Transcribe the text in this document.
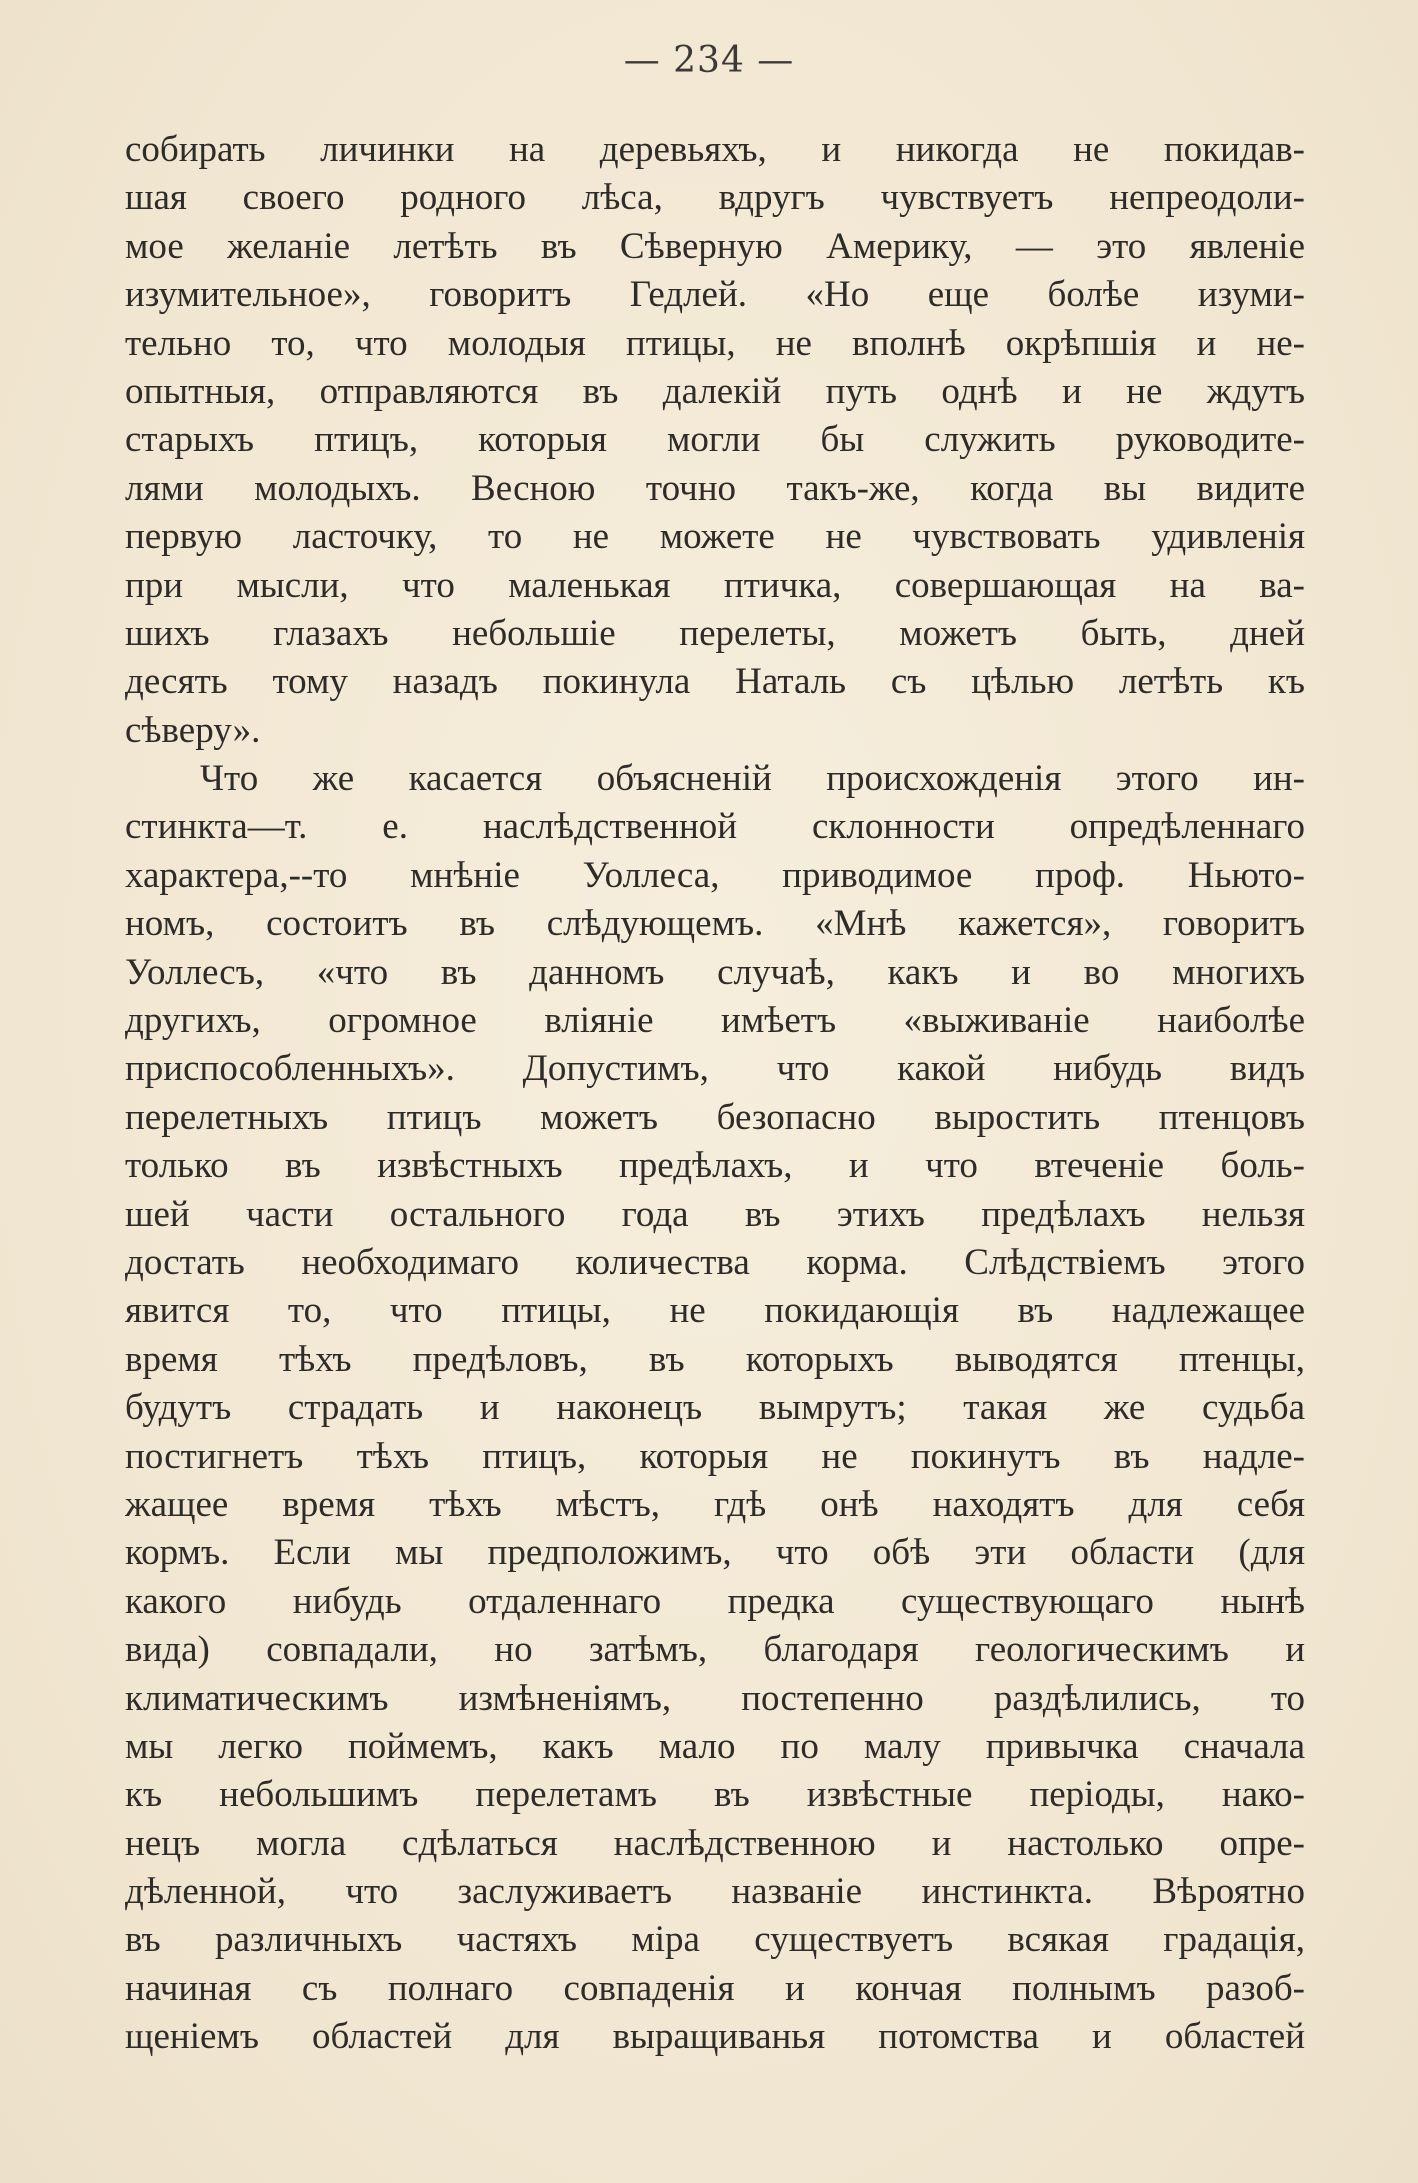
— 234 —
собирать личинки на деревьяхъ, и никогда не покидав-
шая своего родного лѣса, вдругъ чувствуетъ непреодоли-
мое желаніе летѣть въ Сѣверную Америку, — это явленіе
изумительное», говоритъ Гедлей. «Но еще болѣе изуми-
тельно то, что молодыя птицы, не вполнѣ окрѣпшія и не-
опытныя, отправляются въ далекій путь однѣ и не ждутъ
старыхъ птицъ, которыя могли бы служить руководите-
лями молодыхъ. Весною точно такъ-же, когда вы видите
первую ласточку, то не можете не чувствовать удивленія
при мысли, что маленькая птичка, совершающая на ва-
шихъ глазахъ небольшіе перелеты, можетъ быть, дней
десять тому назадъ покинула Наталь съ цѣлью летѣть къ
сѣверу».
Что же касается объясненій происхожденія этого ин-
стинкта—т. е. наслѣдственной склонности опредѣленнаго
характера,--то мнѣніе Уоллеса, приводимое проф. Ньюто-
номъ, состоитъ въ слѣдующемъ. «Мнѣ кажется», говоритъ
Уоллесъ, «что въ данномъ случаѣ, какъ и во многихъ
другихъ, огромное вліяніе имѣетъ «выживаніе наиболѣе
приспособленныхъ». Допустимъ, что какой нибудь видъ
перелетныхъ птицъ можетъ безопасно выростить птенцовъ
только въ извѣстныхъ предѣлахъ, и что втеченіе боль-
шей части остального года въ этихъ предѣлахъ нельзя
достать необходимаго количества корма. Слѣдствіемъ этого
явится то, что птицы, не покидающія въ надлежащее
время тѣхъ предѣловъ, въ которыхъ выводятся птенцы,
будутъ страдать и наконецъ вымрутъ; такая же судьба
постигнетъ тѣхъ птицъ, которыя не покинутъ въ надле-
жащее время тѣхъ мѣстъ, гдѣ онѣ находятъ для себя
кормъ. Если мы предположимъ, что обѣ эти области (для
какого нибудь отдаленнаго предка существующаго нынѣ
вида) совпадали, но затѣмъ, благодаря геологическимъ и
климатическимъ измѣненіямъ, постепенно раздѣлились, то
мы легко поймемъ, какъ мало по малу привычка сначала
къ небольшимъ перелетамъ въ извѣстные періоды, нако-
нецъ могла сдѣлаться наслѣдственною и настолько опре-
дѣленной, что заслуживаетъ названіе инстинкта. Вѣроятно
въ различныхъ частяхъ міра существуетъ всякая градація,
начиная съ полнаго совпаденія и кончая полнымъ разоб-
щеніемъ областей для выращиванья потомства и областей
